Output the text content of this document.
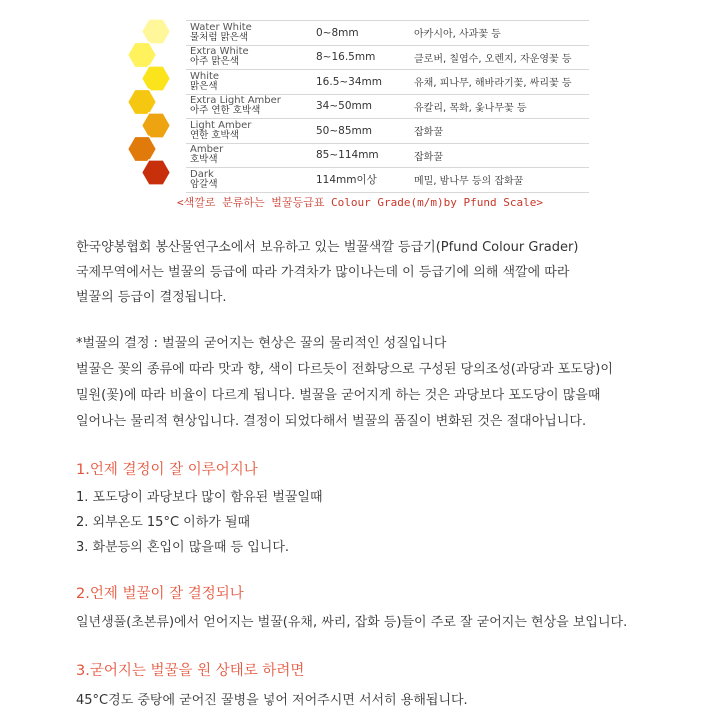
Water White
물처럼 맑은색	0~8mm	아카시아, 사과꽃 등

Extra White
아주 맑은색	8~16.5mm	클로버, 칠엽수, 오렌지, 자운영꽃 등

White
맑은색	16.5~34mm	유채, 피나무, 해바라기꽃, 싸리꽃 등

Extra Light Amber
아주 연한 호박색	34~50mm	유칼리, 목화, 옻나무꽃 등

Light Amber
연한 호박색	50~85mm	잡화꿀

Amber
호박색	85~114mm	잡화꿀

Dark
암갈색	114mm이상	메밀, 밤나무 등의 잡화꿀
<색깔로 분류하는 벌꿀등급표 Colour Grade(m/m)by Pfund Scale>
한국양봉협회 봉산물연구소에서 보유하고 있는 벌꿀색깔 등급기(Pfund Colour Grader)
국제무역에서는 벌꿀의 등급에 따라 가격차가 많이나는데 이 등급기에 의해 색깔에 따라
벌꿀의 등급이 결정됩니다.
*벌꿀의 결정 : 벌꿀의 굳어지는 현상은 꿀의 물리적인 성질입니다
벌꿀은 꽃의 종류에 따라 맛과 향, 색이 다르듯이 전화당으로 구성된 당의조성(과당과 포도당)이
밀원(꽃)에 따라 비율이 다르게 됩니다. 벌꿀을 굳어지게 하는 것은 과당보다 포도당이 많을때
일어나는 물리적 현상입니다. 결정이 되었다해서 벌꿀의 품질이 변화된 것은 절대아닙니다.
1.언제 결정이 잘 이루어지나
1. 포도당이 과당보다 많이 함유된 벌꿀일때
2. 외부온도 15°C 이하가 될때
3. 화분등의 혼입이 많을때 등 입니다.
2.언제 벌꿀이 잘 결정되나
일년생풀(초본류)에서 얻어지는 벌꿀(유채, 싸리, 잡화 등)들이 주로 잘 굳어지는 현상을 보입니다.
3.굳어지는 벌꿀을 원 상태로 하려면
45°C경도 중탕에 굳어진 꿀병을 넣어 저어주시면 서서히 용해됩니다.
